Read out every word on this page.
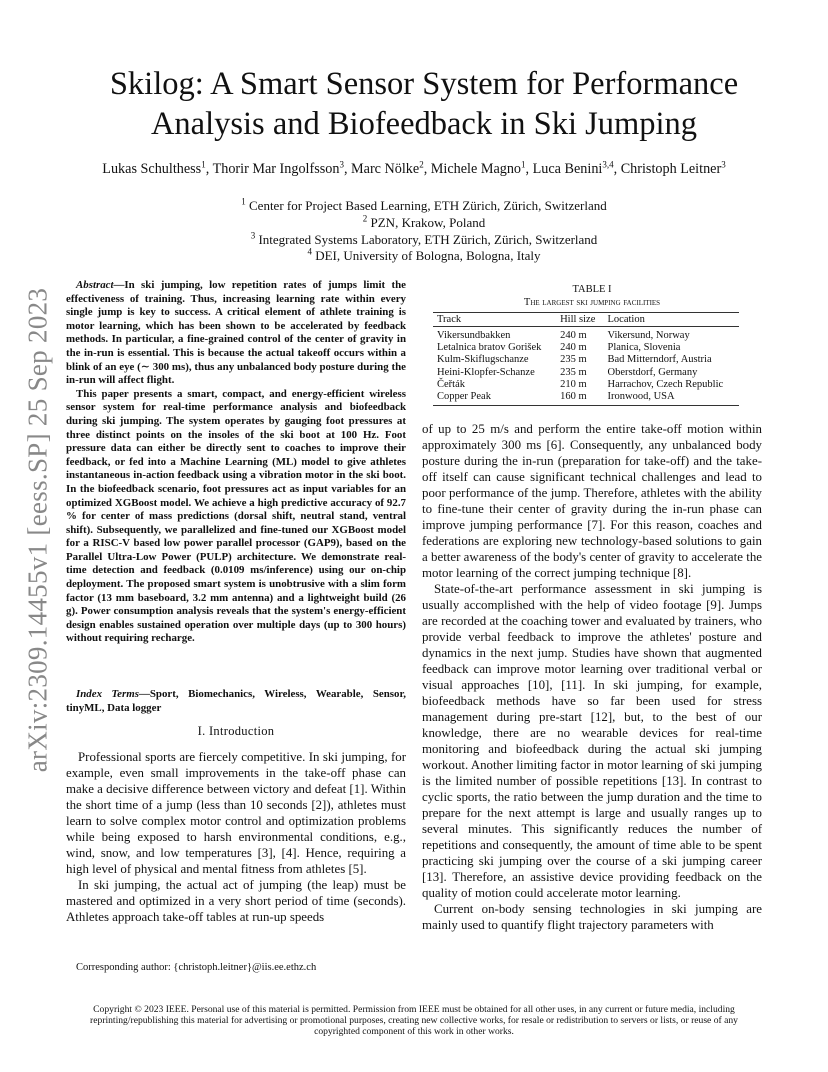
arXiv:2309.14455v1 [eess.SP] 25 Sep 2023
Skilog: A Smart Sensor System for Performance Analysis and Biofeedback in Ski Jumping
Lukas Schulthess$^1$, Thorir Mar Ingolfsson$^3$, Marc Nölke$^2$, Michele Magno$^1$, Luca Benini$^{3,4}$, Christoph Leitner$^3$
$^1$ Center for Project Based Learning, ETH Zürich, Zürich, Switzerland
$^2$ PZN, Krakow, Poland
$^3$ Integrated Systems Laboratory, ETH Zürich, Zürich, Switzerland
$^4$ DEI, University of Bologna, Bologna, Italy

Abstract—In ski jumping, low repetition rates of jumps limit the effectiveness of training. Thus, increasing learning rate within every single jump is key to success. A critical element of athlete training is motor learning, which has been shown to be accelerated by feedback methods. In particular, a fine-grained control of the center of gravity in the in-run is essential. This is because the actual takeoff occurs within a blink of an eye (∼ 300 ms), thus any unbalanced body posture during the in-run will affect flight.

This paper presents a smart, compact, and energy-efficient wireless sensor system for real-time performance analysis and biofeedback during ski jumping. The system operates by gauging foot pressures at three distinct points on the insoles of the ski boot at 100 Hz. Foot pressure data can either be directly sent to coaches to improve their feedback, or fed into a Machine Learning (ML) model to give athletes instantaneous in-action feedback using a vibration motor in the ski boot. In the biofeedback scenario, foot pressures act as input variables for an optimized XGBoost model. We achieve a high predictive accuracy of 92.7 % for center of mass predictions (dorsal shift, neutral stand, ventral shift). Subsequently, we parallelized and fine-tuned our XGBoost model for a RISC-V based low power parallel processor (GAP9), based on the Parallel Ultra-Low Power (PULP) architecture. We demonstrate real-time detection and feedback (0.0109 ms/inference) using our on-chip deployment. The proposed smart system is unobtrusive with a slim form factor (13 mm baseboard, 3.2 mm antenna) and a lightweight build (26 g). Power consumption analysis reveals that the system's energy-efficient design enables sustained operation over multiple days (up to 300 hours) without requiring recharge.

Index Terms—Sport, Biomechanics, Wireless, Wearable, Sensor, tinyML, Data logger
I. Introduction

Professional sports are fiercely competitive. In ski jumping, for example, even small improvements in the take-off phase can make a decisive difference between victory and defeat [1]. Within the short time of a jump (less than 10 seconds [2]), athletes must learn to solve complex motor control and optimization problems while being exposed to harsh environmental conditions, e.g., wind, snow, and low temperatures [3], [4]. Hence, requiring a high level of physical and mental fitness from athletes [5].

In ski jumping, the actual act of jumping (the leap) must be mastered and optimized in a very short period of time (seconds). Athletes approach take-off tables at run-up speeds

Corresponding author: {christoph.leitner}@iis.ee.ethz.ch
TABLE I
The largest ski jumping facilities
Track	Hill size	Location
Vikersundbakken	240 m	Vikersund, Norway
Letalnica bratov Gorišek	240 m	Planica, Slovenia
Kulm-Skiflugschanze	235 m	Bad Mitterndorf, Austria
Heini-Klopfer-Schanze	235 m	Oberstdorf, Germany
Čeřták	210 m	Harrachov, Czech Republic
Copper Peak	160 m	Ironwood, USA

of up to 25 m/s and perform the entire take-off motion within approximately 300 ms [6]. Consequently, any unbalanced body posture during the in-run (preparation for take-off) and the take-off itself can cause significant technical challenges and lead to poor performance of the jump. Therefore, athletes with the ability to fine-tune their center of gravity during the in-run phase can improve jumping performance [7]. For this reason, coaches and federations are exploring new technology-based solutions to gain a better awareness of the body's center of gravity to accelerate the motor learning of the correct jumping technique [8].

State-of-the-art performance assessment in ski jumping is usually accomplished with the help of video footage [9]. Jumps are recorded at the coaching tower and evaluated by trainers, who provide verbal feedback to improve the athletes' posture and dynamics in the next jump. Studies have shown that augmented feedback can improve motor learning over traditional verbal or visual approaches [10], [11]. In ski jumping, for example, biofeedback methods have so far been used for stress management during pre-start [12], but, to the best of our knowledge, there are no wearable devices for real-time monitoring and biofeedback during the actual ski jumping workout. Another limiting factor in motor learning of ski jumping is the limited number of possible repetitions [13]. In contrast to cyclic sports, the ratio between the jump duration and the time to prepare for the next attempt is large and usually ranges up to several minutes. This significantly reduces the number of repetitions and consequently, the amount of time able to be spent practicing ski jumping over the course of a ski jumping career [13]. Therefore, an assistive device providing feedback on the quality of motion could accelerate motor learning.

Current on-body sensing technologies in ski jumping are mainly used to quantify flight trajectory parameters with

Copyright © 2023 IEEE. Personal use of this material is permitted. Permission from IEEE must be obtained for all other uses, in any current or future media, including reprinting/republishing this material for advertising or promotional purposes, creating new collective works, for resale or redistribution to servers or lists, or reuse of any copyrighted component of this work in other works.
